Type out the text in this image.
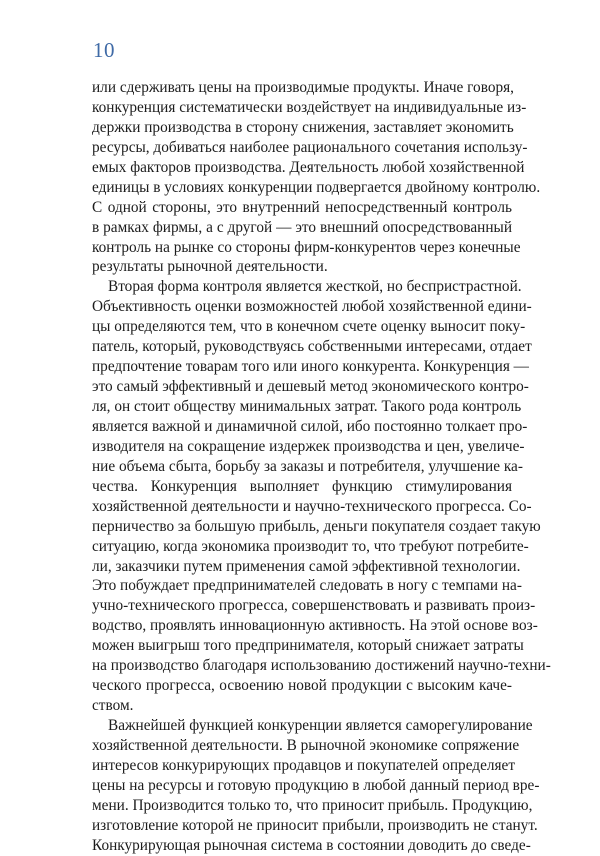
10
или сдерживать цены на производимые продукты. Иначе говоря,
конкуренция систематически воздействует на индивидуальные из-
держки производства в сторону снижения, заставляет экономить
ресурсы, добиваться наиболее рационального сочетания использу-
емых факторов производства. Деятельность любой хозяйственной
единицы в условиях конкуренции подвергается двойному контролю.
С одной стороны, это внутренний непосредственный контроль
в рамках фирмы, а с другой — это внешний опосредствованный
контроль на рынке со стороны фирм-конкурентов через конечные
результаты рыночной деятельности.
Вторая форма контроля является жесткой, но беспристрастной.
Объективность оценки возможностей любой хозяйственной едини-
цы определяются тем, что в конечном счете оценку выносит поку-
патель, который, руководствуясь собственными интересами, отдает
предпочтение товарам того или иного конкурента. Конкуренция —
это самый эффективный и дешевый метод экономического контро-
ля, он стоит обществу минимальных затрат. Такого рода контроль
является важной и динамичной силой, ибо постоянно толкает про-
изводителя на сокращение издержек производства и цен, увеличе-
ние объема сбыта, борьбу за заказы и потребителя, улучшение ка-
чества. Конкуренция выполняет функцию стимулирования
хозяйственной деятельности и научно-технического прогресса. Со-
перничество за большую прибыль, деньги покупателя создает такую
ситуацию, когда экономика производит то, что требуют потребите-
ли, заказчики путем применения самой эффективной технологии.
Это побуждает предпринимателей следовать в ногу с темпами на-
учно-технического прогресса, совершенствовать и развивать произ-
водство, проявлять инновационную активность. На этой основе воз-
можен выигрыш того предпринимателя, который снижает затраты
на производство благодаря использованию достижений научно-техни-
ческого прогресса, освоению новой продукции с высоким каче-
ством.
Важнейшей функцией конкуренции является саморегулирование
хозяйственной деятельности. В рыночной экономике сопряжение
интересов конкурирующих продавцов и покупателей определяет
цены на ресурсы и готовую продукцию в любой данный период вре-
мени. Производится только то, что приносит прибыль. Продукцию,
изготовление которой не приносит прибыли, производить не станут.
Конкурирующая рыночная система в состоянии доводить до сведе-
